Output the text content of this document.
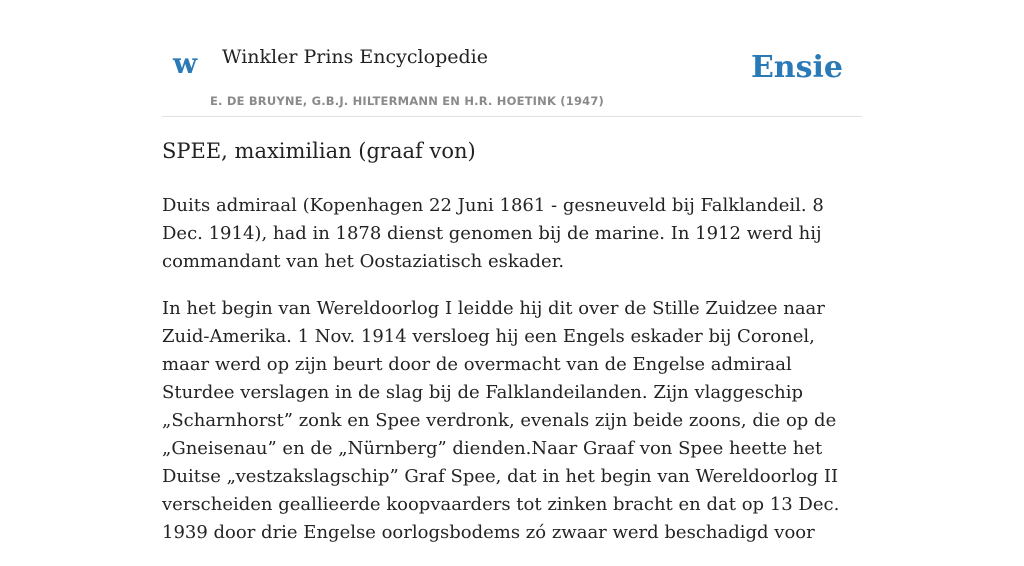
w Winkler Prins Encyclopedie
E. DE BRUYNE, G.B.J. HILTERMANN EN H.R. HOETINK (1947)
Ensie
SPEE, maximilian (graaf von)

Duits admiraal (Kopenhagen 22 Juni 1861 - gesneuveld bij Falklandeil. 8 Dec. 1914), had in 1878 dienst genomen bij de marine. In 1912 werd hij commandant van het Oostaziatisch eskader.

In het begin van Wereldoorlog I leidde hij dit over de Stille Zuidzee naar Zuid-Amerika. 1 Nov. 1914 versloeg hij een Engels eskader bij Coronel, maar werd op zijn beurt door de overmacht van de Engelse admiraal Sturdee verslagen in de slag bij de Falklandeilanden. Zijn vlaggeschip „Scharnhorst” zonk en Spee verdronk, evenals zijn beide zoons, die op de „Gneisenau” en de „Nürnberg” dienden.Naar Graaf von Spee heette het Duitse „vestzakslagschip” Graf Spee, dat in het begin van Wereldoorlog II verscheiden geallieerde koopvaarders tot zinken bracht en dat op 13 Dec. 1939 door drie Engelse oorlogsbodems zó zwaar werd beschadigd voor
